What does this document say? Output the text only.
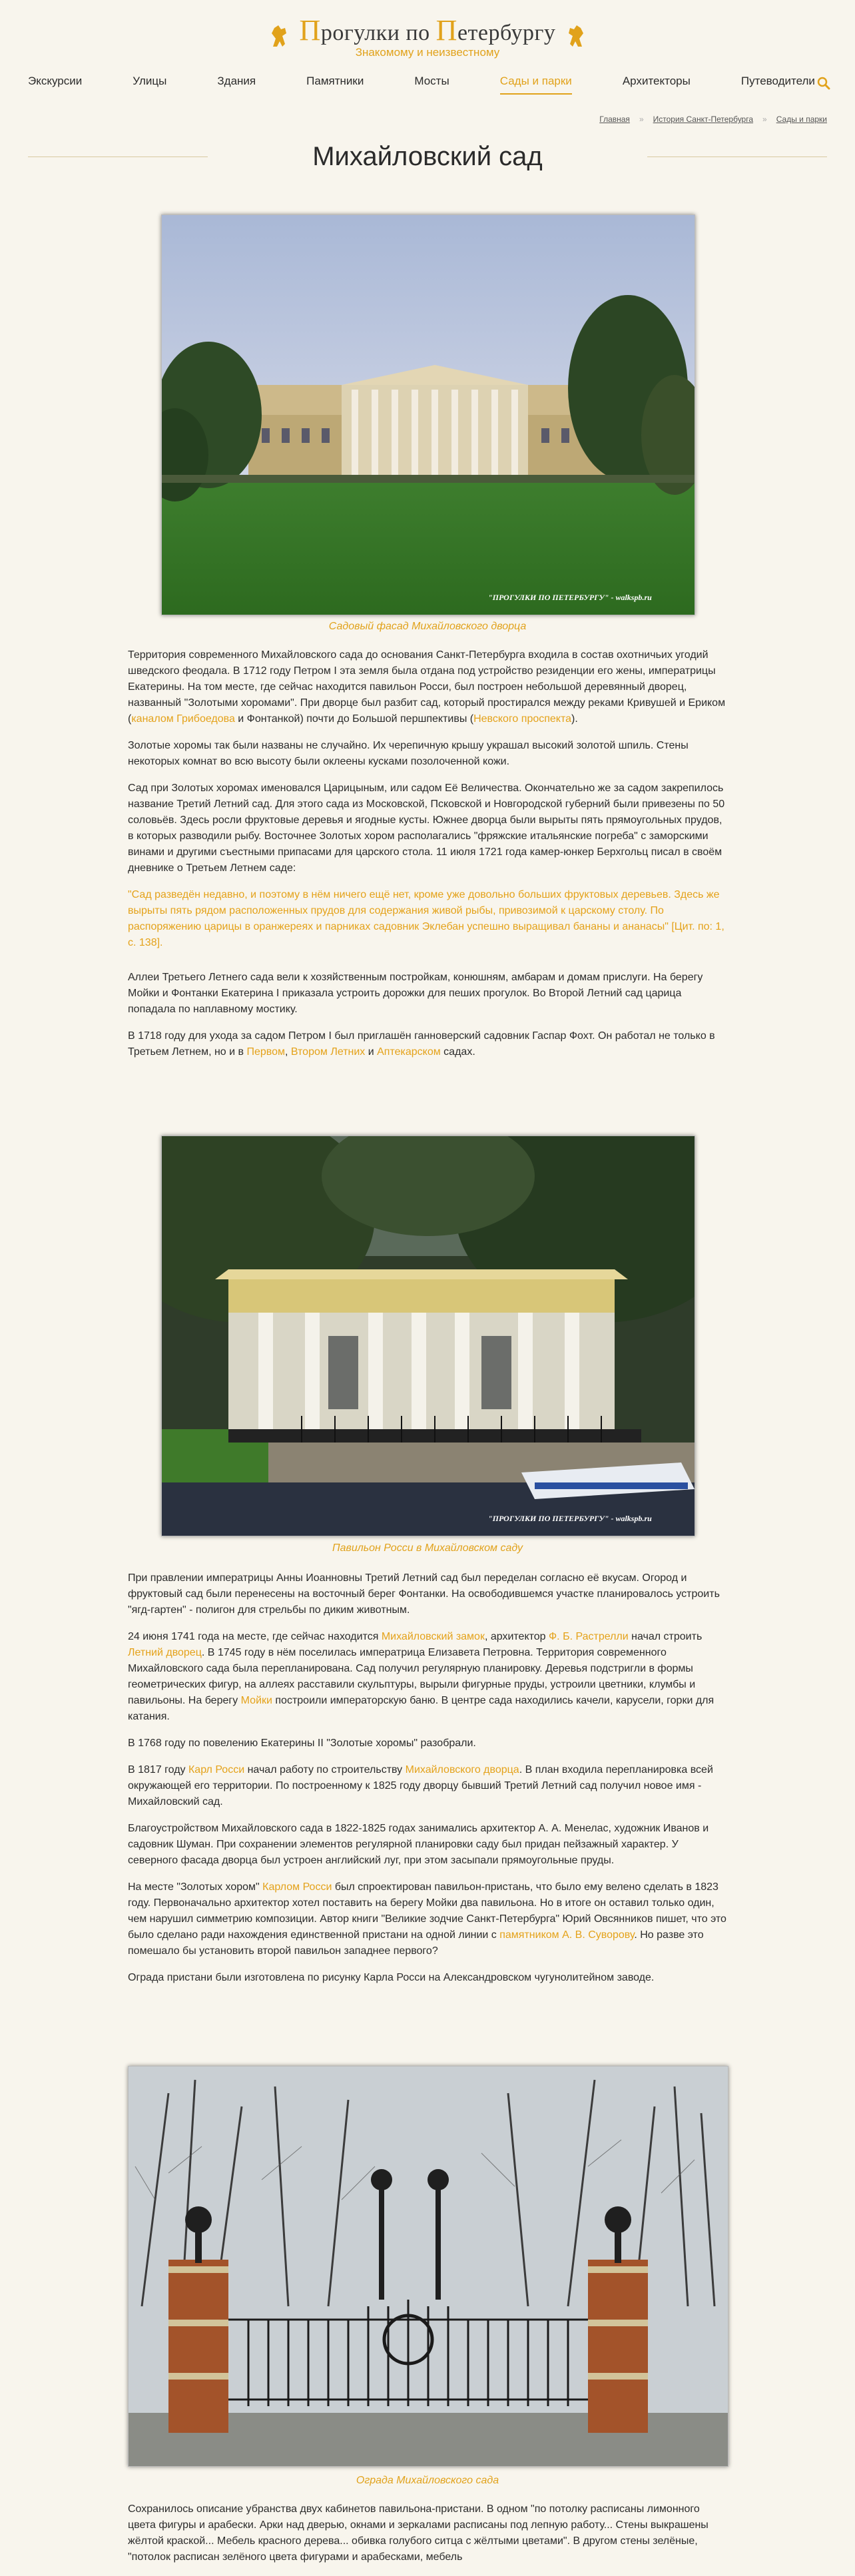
Прогулки по Петербургу
Знакомому и неизвестному
Экскурсии	Улицы	Здания	Памятники	Мосты	Сады и парки	Архитекторы	Путеводители
Главная » История Санкт-Петербурга » Сады и парки
Михайловский сад
"ПРОГУЛКИ ПО ПЕТЕРБУРГУ" - walkspb.ru
Садовый фасад Михайловского дворца

Территория современного Михайловского сада до основания Санкт-Петербурга входила в состав охотничьих угодий шведского феодала. В 1712 году Петром I эта земля была отдана под устройство резиденции его жены, императрицы Екатерины. На том месте, где сейчас находится павильон Росси, был построен небольшой деревянный дворец, названный "Золотыми хоромами". При дворце был разбит сад, который простирался между реками Кривушей и Ериком (каналом Грибоедова и Фонтанкой) почти до Большой першпективы (Невского проспекта).

Золотые хоромы так были названы не случайно. Их черепичную крышу украшал высокий золотой шпиль. Стены некоторых комнат во всю высоту были оклеены кусками позолоченной кожи.

Сад при Золотых хоромах именовался Царицыным, или садом Её Величества. Окончательно же за садом закрепилось название Третий Летний сад. Для этого сада из Московской, Псковской и Новгородской губерний были привезены по 50 соловьёв. Здесь росли фруктовые деревья и ягодные кусты. Южнее дворца были вырыты пять прямоугольных прудов, в которых разводили рыбу. Восточнее Золотых хором располагались "фряжские итальянские погреба" с заморскими винами и другими съестными припасами для царского стола. 11 июля 1721 года камер-юнкер Берхгольц писал в своём дневнике о Третьем Летнем саде:

"Сад разведён недавно, и поэтому в нём ничего ещё нет, кроме уже довольно больших фруктовых деревьев. Здесь же вырыты пять рядом расположенных прудов для содержания живой рыбы, привозимой к царскому столу. По распоряжению царицы в оранжереях и парниках садовник Эклебан успешно выращивал бананы и ананасы" [Цит. по: 1, с. 138].

Аллеи Третьего Летнего сада вели к хозяйственным постройкам, конюшням, амбарам и домам прислуги. На берегу Мойки и Фонтанки Екатерина I приказала устроить дорожки для пеших прогулок. Во Второй Летний сад царица попадала по наплавному мостику.

В 1718 году для ухода за садом Петром I был приглашён ганноверский садовник Гаспар Фохт. Он работал не только в Третьем Летнем, но и в Первом, Втором Летних и Аптекарском садах.

"ПРОГУЛКИ ПО ПЕТЕРБУРГУ" - walkspb.ru
Павильон Росси в Михайловском саду

При правлении императрицы Анны Иоанновны Третий Летний сад был переделан согласно её вкусам. Огород и фруктовый сад были перенесены на восточный берег Фонтанки. На освободившемся участке планировалось устроить "ягд-гартен" - полигон для стрельбы по диким животным.

24 июня 1741 года на месте, где сейчас находится Михайловский замок, архитектор Ф. Б. Растрелли начал строить Летний дворец. В 1745 году в нём поселилась императрица Елизавета Петровна. Территория современного Михайловского сада была перепланирована. Сад получил регулярную планировку. Деревья подстригли в формы геометрических фигур, на аллеях расставили скульптуры, вырыли фигурные пруды, устроили цветники, клумбы и павильоны. На берегу Мойки построили императорскую баню. В центре сада находились качели, карусели, горки для катания.

В 1768 году по повелению Екатерины II "Золотые хоромы" разобрали.

В 1817 году Карл Росси начал работу по строительству Михайловского дворца. В план входила перепланировка всей окружающей его территории. По построенному к 1825 году дворцу бывший Третий Летний сад получил новое имя - Михайловский сад.

Благоустройством Михайловского сада в 1822-1825 годах занимались архитектор А. А. Менелас, художник Иванов и садовник Шуман. При сохранении элементов регулярной планировки саду был придан пейзажный характер. У северного фасада дворца был устроен английский луг, при этом засыпали прямоугольные пруды.

На месте "Золотых хором" Карлом Росси был спроектирован павильон-пристань, что было ему велено сделать в 1823 году. Первоначально архитектор хотел поставить на берегу Мойки два павильона. Но в итоге он оставил только один, чем нарушил симметрию композиции. Автор книги "Великие зодчие Санкт-Петербурга" Юрий Овсянников пишет, что это было сделано ради нахождения единственной пристани на одной линии с памятником А. В. Суворову. Но разве это помешало бы установить второй павильон западнее первого?

Ограда пристани были изготовлена по рисунку Карла Росси на Александровском чугунолитейном заводе.

Ограда Михайловского сада

Сохранилось описание убранства двух кабинетов павильона-пристани. В одном "по потолку расписаны лимонного цвета фигуры и арабески. Арки над дверью, окнами и зеркалами расписаны под лепную работу... Стены выкрашены жёлтой краской... Мебель красного дерева... обивка голубого ситца с жёлтыми цветами". В другом стены зелёные, "потолок расписан зелёного цвета фигурами и арабесками, мебель
